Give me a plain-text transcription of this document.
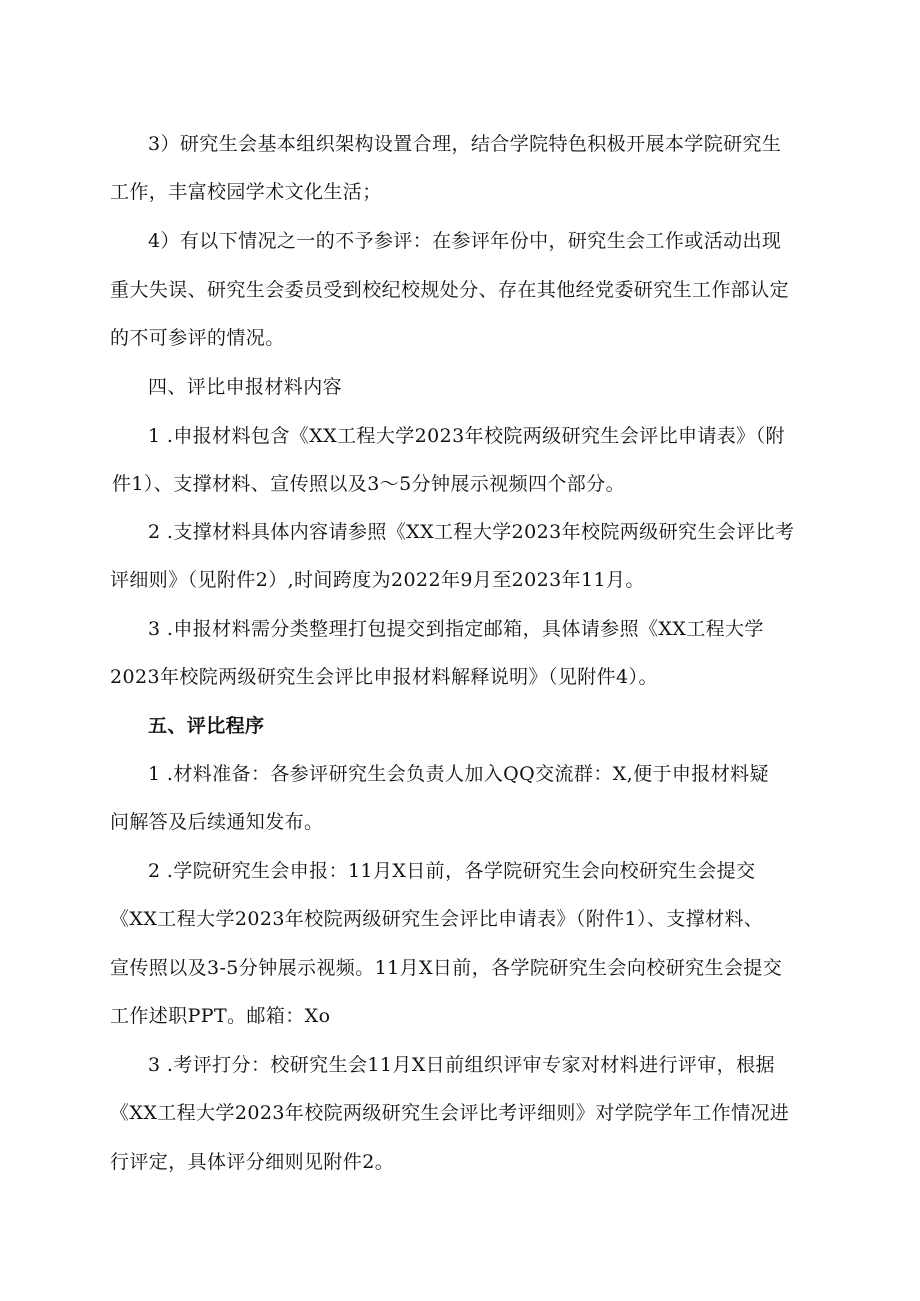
3）研究生会基本组织架构设置合理，结合学院特色积极开展本学院研究生
工作，丰富校园学术文化生活；
4）有以下情况之一的不予参评：在参评年份中，研究生会工作或活动出现
重大失误、研究生会委员受到校纪校规处分、存在其他经党委研究生工作部认定
的不可参评的情况。
四、评比申报材料内容
1 .申报材料包含《XX工程大学2023年校院两级研究生会评比申请表》（附
件1）、支撑材料、宣传照以及3～5分钟展示视频四个部分。
2 .支撑材料具体内容请参照《XX工程大学2023年校院两级研究生会评比考
评细则》（见附件2）,时间跨度为2022年9月至2023年11月。
3 .申报材料需分类整理打包提交到指定邮箱，具体请参照《XX工程大学
2023年校院两级研究生会评比申报材料解释说明》（见附件4）。
五、评比程序
1 .材料准备：各参评研究生会负责人加入QQ交流群：X,便于申报材料疑
问解答及后续通知发布。
2 .学院研究生会申报：11月X日前，各学院研究生会向校研究生会提交
《XX工程大学2023年校院两级研究生会评比申请表》（附件1）、支撑材料、
宣传照以及3-5分钟展示视频。11月X日前，各学院研究生会向校研究生会提交
工作述职PPT。邮箱：Xo
3 .考评打分：校研究生会11月X日前组织评审专家对材料进行评审，根据
《XX工程大学2023年校院两级研究生会评比考评细则》对学院学年工作情况进
行评定，具体评分细则见附件2。
